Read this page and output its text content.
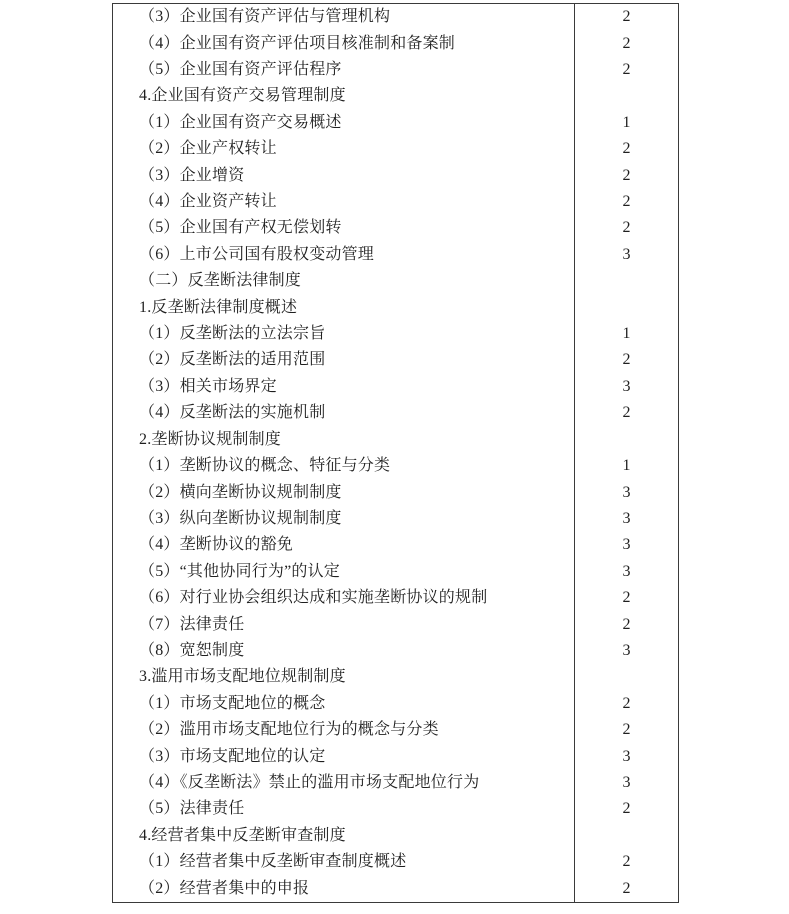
（3）企业国有资产评估与管理机构	2
（4）企业国有资产评估项目核准制和备案制	2
（5）企业国有资产评估程序	2
4.企业国有资产交易管理制度
（1）企业国有资产交易概述	1
（2）企业产权转让	2
（3）企业增资	2
（4）企业资产转让	2
（5）企业国有产权无偿划转	2
（6）上市公司国有股权变动管理	3
（二）反垄断法律制度
1.反垄断法律制度概述
（1）反垄断法的立法宗旨	1
（2）反垄断法的适用范围	2
（3）相关市场界定	3
（4）反垄断法的实施机制	2
2.垄断协议规制制度
（1）垄断协议的概念、特征与分类	1
（2）横向垄断协议规制制度	3
（3）纵向垄断协议规制制度	3
（4）垄断协议的豁免	3
（5）“其他协同行为”的认定	3
（6）对行业协会组织达成和实施垄断协议的规制	2
（7）法律责任	2
（8）宽恕制度	3
3.滥用市场支配地位规制制度
（1）市场支配地位的概念	2
（2）滥用市场支配地位行为的概念与分类	2
（3）市场支配地位的认定	3
（4）《反垄断法》禁止的滥用市场支配地位行为	3
（5）法律责任	2
4.经营者集中反垄断审查制度
（1）经营者集中反垄断审查制度概述	2
（2）经营者集中的申报	2
